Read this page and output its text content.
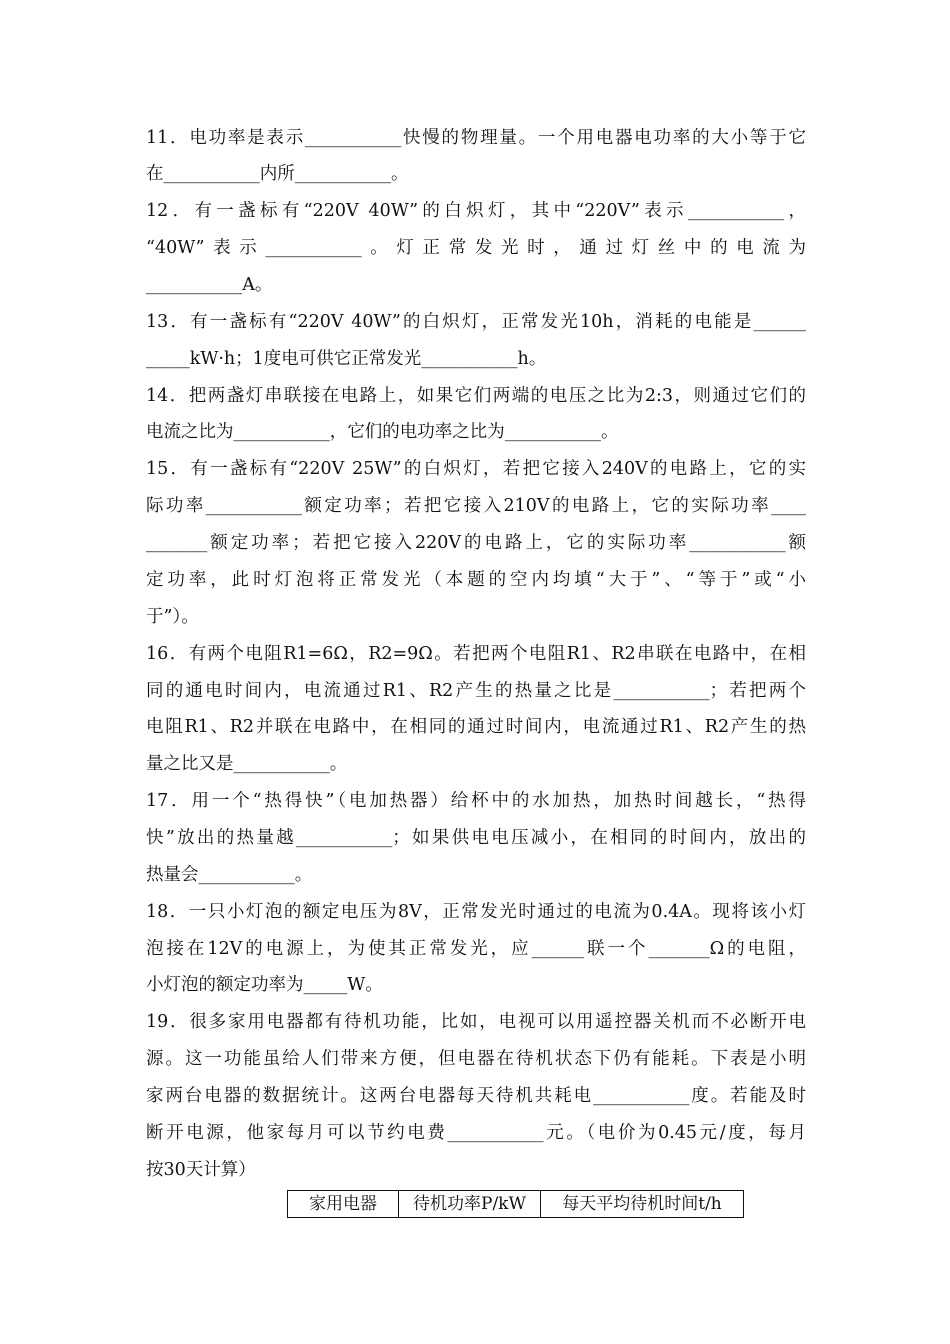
11．电功率是表示___________快慢的物理量。一个用电器电功率的大小等于它
在___________内所___________。
12．有一盏标有“220V 40W”的白炽灯，其中“220V”表示___________，
“40W”表示___________。灯正常发光时，通过灯丝中的电流为
___________A。
13．有一盏标有“220V 40W”的白炽灯，正常发光10h，消耗的电能是______
_____kW·h；1度电可供它正常发光___________h。
14．把两盏灯串联接在电路上，如果它们两端的电压之比为2:3，则通过它们的
电流之比为___________，它们的电功率之比为___________。
15．有一盏标有“220V 25W”的白炽灯，若把它接入240V的电路上，它的实
际功率___________额定功率；若把它接入210V的电路上，它的实际功率____
_______额定功率；若把它接入220V的电路上，它的实际功率___________额
定功率，此时灯泡将正常发光（本题的空内均填“大于”、“等于”或“小
于”）。
16．有两个电阻R1=6Ω，R2=9Ω。若把两个电阻R1、R2串联在电路中，在相
同的通电时间内，电流通过R1、R2产生的热量之比是___________；若把两个
电阻R1、R2并联在电路中，在相同的通过时间内，电流通过R1、R2产生的热
量之比又是___________。
17．用一个“热得快”（电加热器）给杯中的水加热，加热时间越长，“热得
快”放出的热量越___________；如果供电电压减小，在相同的时间内，放出的
热量会___________。
18．一只小灯泡的额定电压为8V，正常发光时通过的电流为0.4A。现将该小灯
泡接在12V的电源上，为使其正常发光，应______联一个_______Ω的电阻，
小灯泡的额定功率为_____W。
19．很多家用电器都有待机功能，比如，电视可以用遥控器关机而不必断开电
源。这一功能虽给人们带来方便，但电器在待机状态下仍有能耗。下表是小明
家两台电器的数据统计。这两台电器每天待机共耗电___________度。若能及时
断开电源，他家每月可以节约电费___________元。（电价为0.45元/度，每月
按30天计算）
家用电器	待机功率P/kW	每天平均待机时间t/h
